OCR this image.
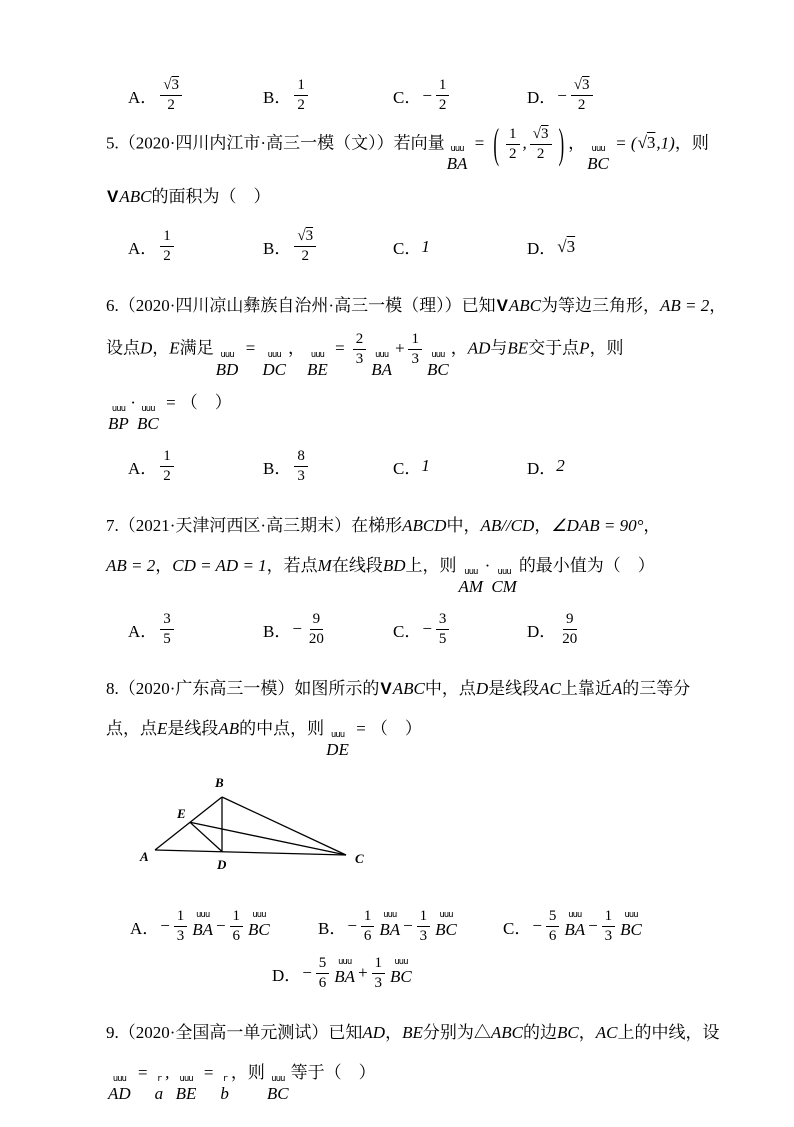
A． $\frac{√3}{2}$	B． $\frac{1}{2}$	C． − $\frac{1}{2}$	D． − $\frac{√3}{2}$
5.（2020·四川内江市·高三一模（文））若向量 uuu
BA
= ( $\frac{1}{2}$ , $\frac{√3}{2}$ ) ， uuu
BC
= (√3,1)，则
VABC的面积为（　）
A． $\frac{1}{2}$	B． $\frac{√3}{2}$	C． 1	D． √3
6.（2020·四川凉山彝族自治州·高三一模（理））已知VABC为等边三角形，AB = 2，
设点D，E满足 uuu
BD
= uuu
DC
， uuu
BE
= $\frac{2}{3}$ uuu
BA
+ $\frac{1}{3}$ uuu
BC
，AD与BE交于点P，则
uuu
BP
· uuu
BC
= （　）
A． $\frac{1}{2}$	B． $\frac{8}{3}$	C． 1	D． 2
7.（2021·天津河西区·高三期末）在梯形ABCD中，AB//CD，∠DAB = 90°，
AB = 2，CD = AD = 1，若点M在线段BD上，则 uuu
AM
· uuu
CM
的最小值为（　）
A． $\frac{3}{5}$	B． − $\frac{9}{20}$	C． − $\frac{3}{5}$	D． $\frac{9}{20}$
8.（2020·广东高三一模）如图所示的VABC中，点D是线段AC上靠近A的三等分
点，点E是线段AB的中点，则 uuu
DE
= （　）
A
B
C
D
E
A． − $\frac{1}{3}$ uuu
BA − $\frac{1}{6}$ uuu
BC	B． − $\frac{1}{6}$ uuu
BA − $\frac{1}{3}$ uuu
BC	C． − $\frac{5}{6}$ uuu
BA − $\frac{1}{3}$ uuu
BC
D． − $\frac{5}{6}$ uuu
BA + $\frac{1}{3}$ uuu
BC
9.（2020·全国高一单元测试）已知AD，BE分别为△ABC的边BC，AC上的中线，设
uuu
AD
= r
a
, uuu
BE
= r
b
，则 uuu
BC
等于（　）
